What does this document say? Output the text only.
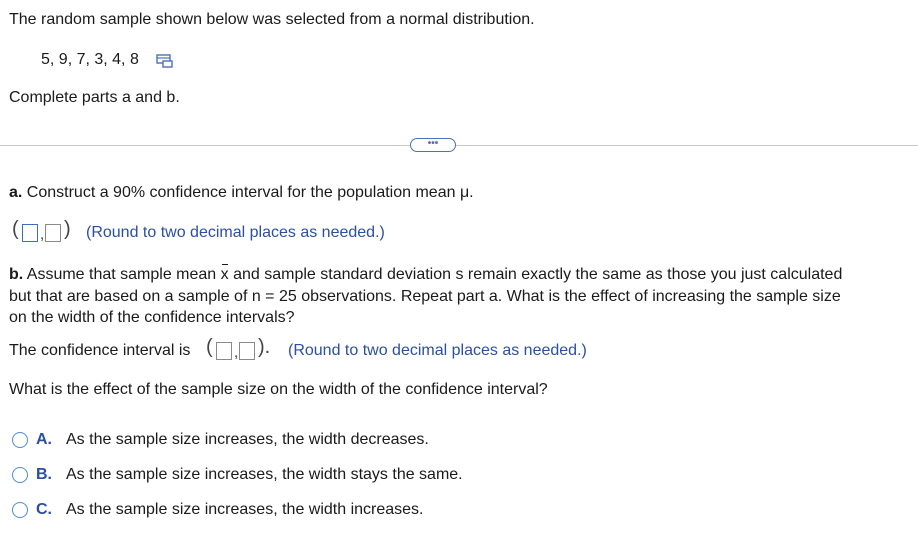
The random sample shown below was selected from a normal distribution.
5, 9, 7, 3, 4, 8
Complete parts a and b.
•••
a. Construct a 90% confidence interval for the population mean μ.
( , ) (Round to two decimal places as needed.)
b. Assume that sample mean x and sample standard deviation s remain exactly the same as those you just calculated
but that are based on a sample of n = 25 observations. Repeat part a. What is the effect of increasing the sample size
on the width of the confidence intervals?
The confidence interval is ( , ). (Round to two decimal places as needed.)
What is the effect of the sample size on the width of the confidence interval?
A. As the sample size increases, the width decreases.
B. As the sample size increases, the width stays the same.
C. As the sample size increases, the width increases.
